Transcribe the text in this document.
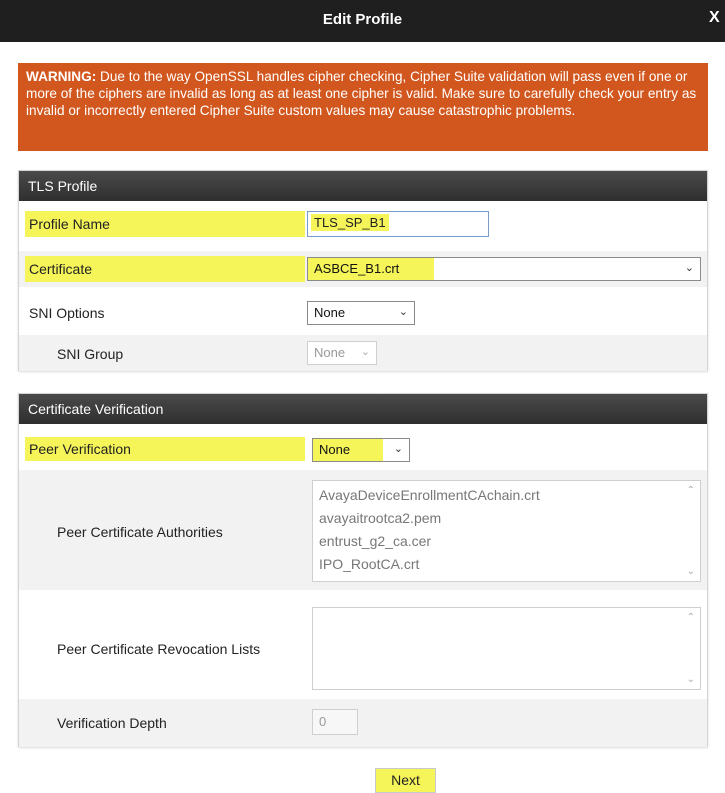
Edit Profile	X
WARNING: Due to the way OpenSSL handles cipher checking, Cipher Suite validation will pass even if one or more of the ciphers are invalid as long as at least one cipher is valid. Make sure to carefully check your entry as invalid or incorrectly entered Cipher Suite custom values may cause catastrophic problems.
TLS Profile
Profile Name	TLS_SP_B1
Certificate	ASBCE_B1.crt	⌄
SNI Options	None	⌄
SNI Group	None ⌄
Certificate Verification
Peer Verification	None	⌄
Peer Certificate Authorities
AvayaDeviceEnrollmentCAchain.crt
avayaitrootca2.pem
entrust_g2_ca.cer
IPO_RootCA.crt
⌃
⌄
Peer Certificate Revocation Lists
⌃
⌄
Verification Depth	0
Next
